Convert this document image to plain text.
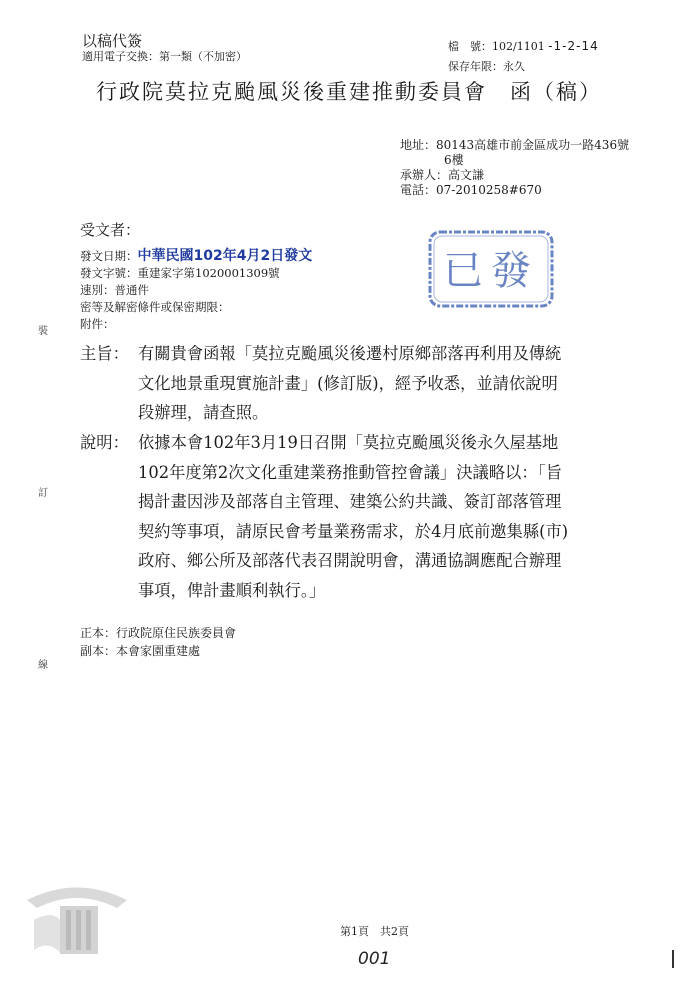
以稿代簽
適用電子交換：第一類（不加密）
檔　號：102/1101 -1-2-14
保存年限：永久
行政院莫拉克颱風災後重建推動委員會　函（稿）
地址：80143高雄市前金區成功一路436號
6樓
承辦人：高文謙
電話：07-2010258#670
受文者：
發文日期：中華民國102年4月2日發文
發文字號：重建家字第1020001309號
速別：普通件
密等及解密條件或保密期限：
附件：
裝
訂
線
已發
主旨： 有關貴會函報「莫拉克颱風災後遷村原鄉部落再利用及傳統
文化地景重現實施計畫」(修訂版)，經予收悉，並請依說明
段辦理，請查照。
說明： 依據本會102年3月19日召開「莫拉克颱風災後永久屋基地
102年度第2次文化重建業務推動管控會議」決議略以：「旨
揭計畫因涉及部落自主管理、建築公約共識、簽訂部落管理
契約等事項，請原民會考量業務需求，於4月底前邀集縣(市)
政府、鄉公所及部落代表召開說明會，溝通協調應配合辦理
事項，俾計畫順利執行。」
正本：行政院原住民族委員會
副本：本會家園重建處
第1頁　共2頁
001
